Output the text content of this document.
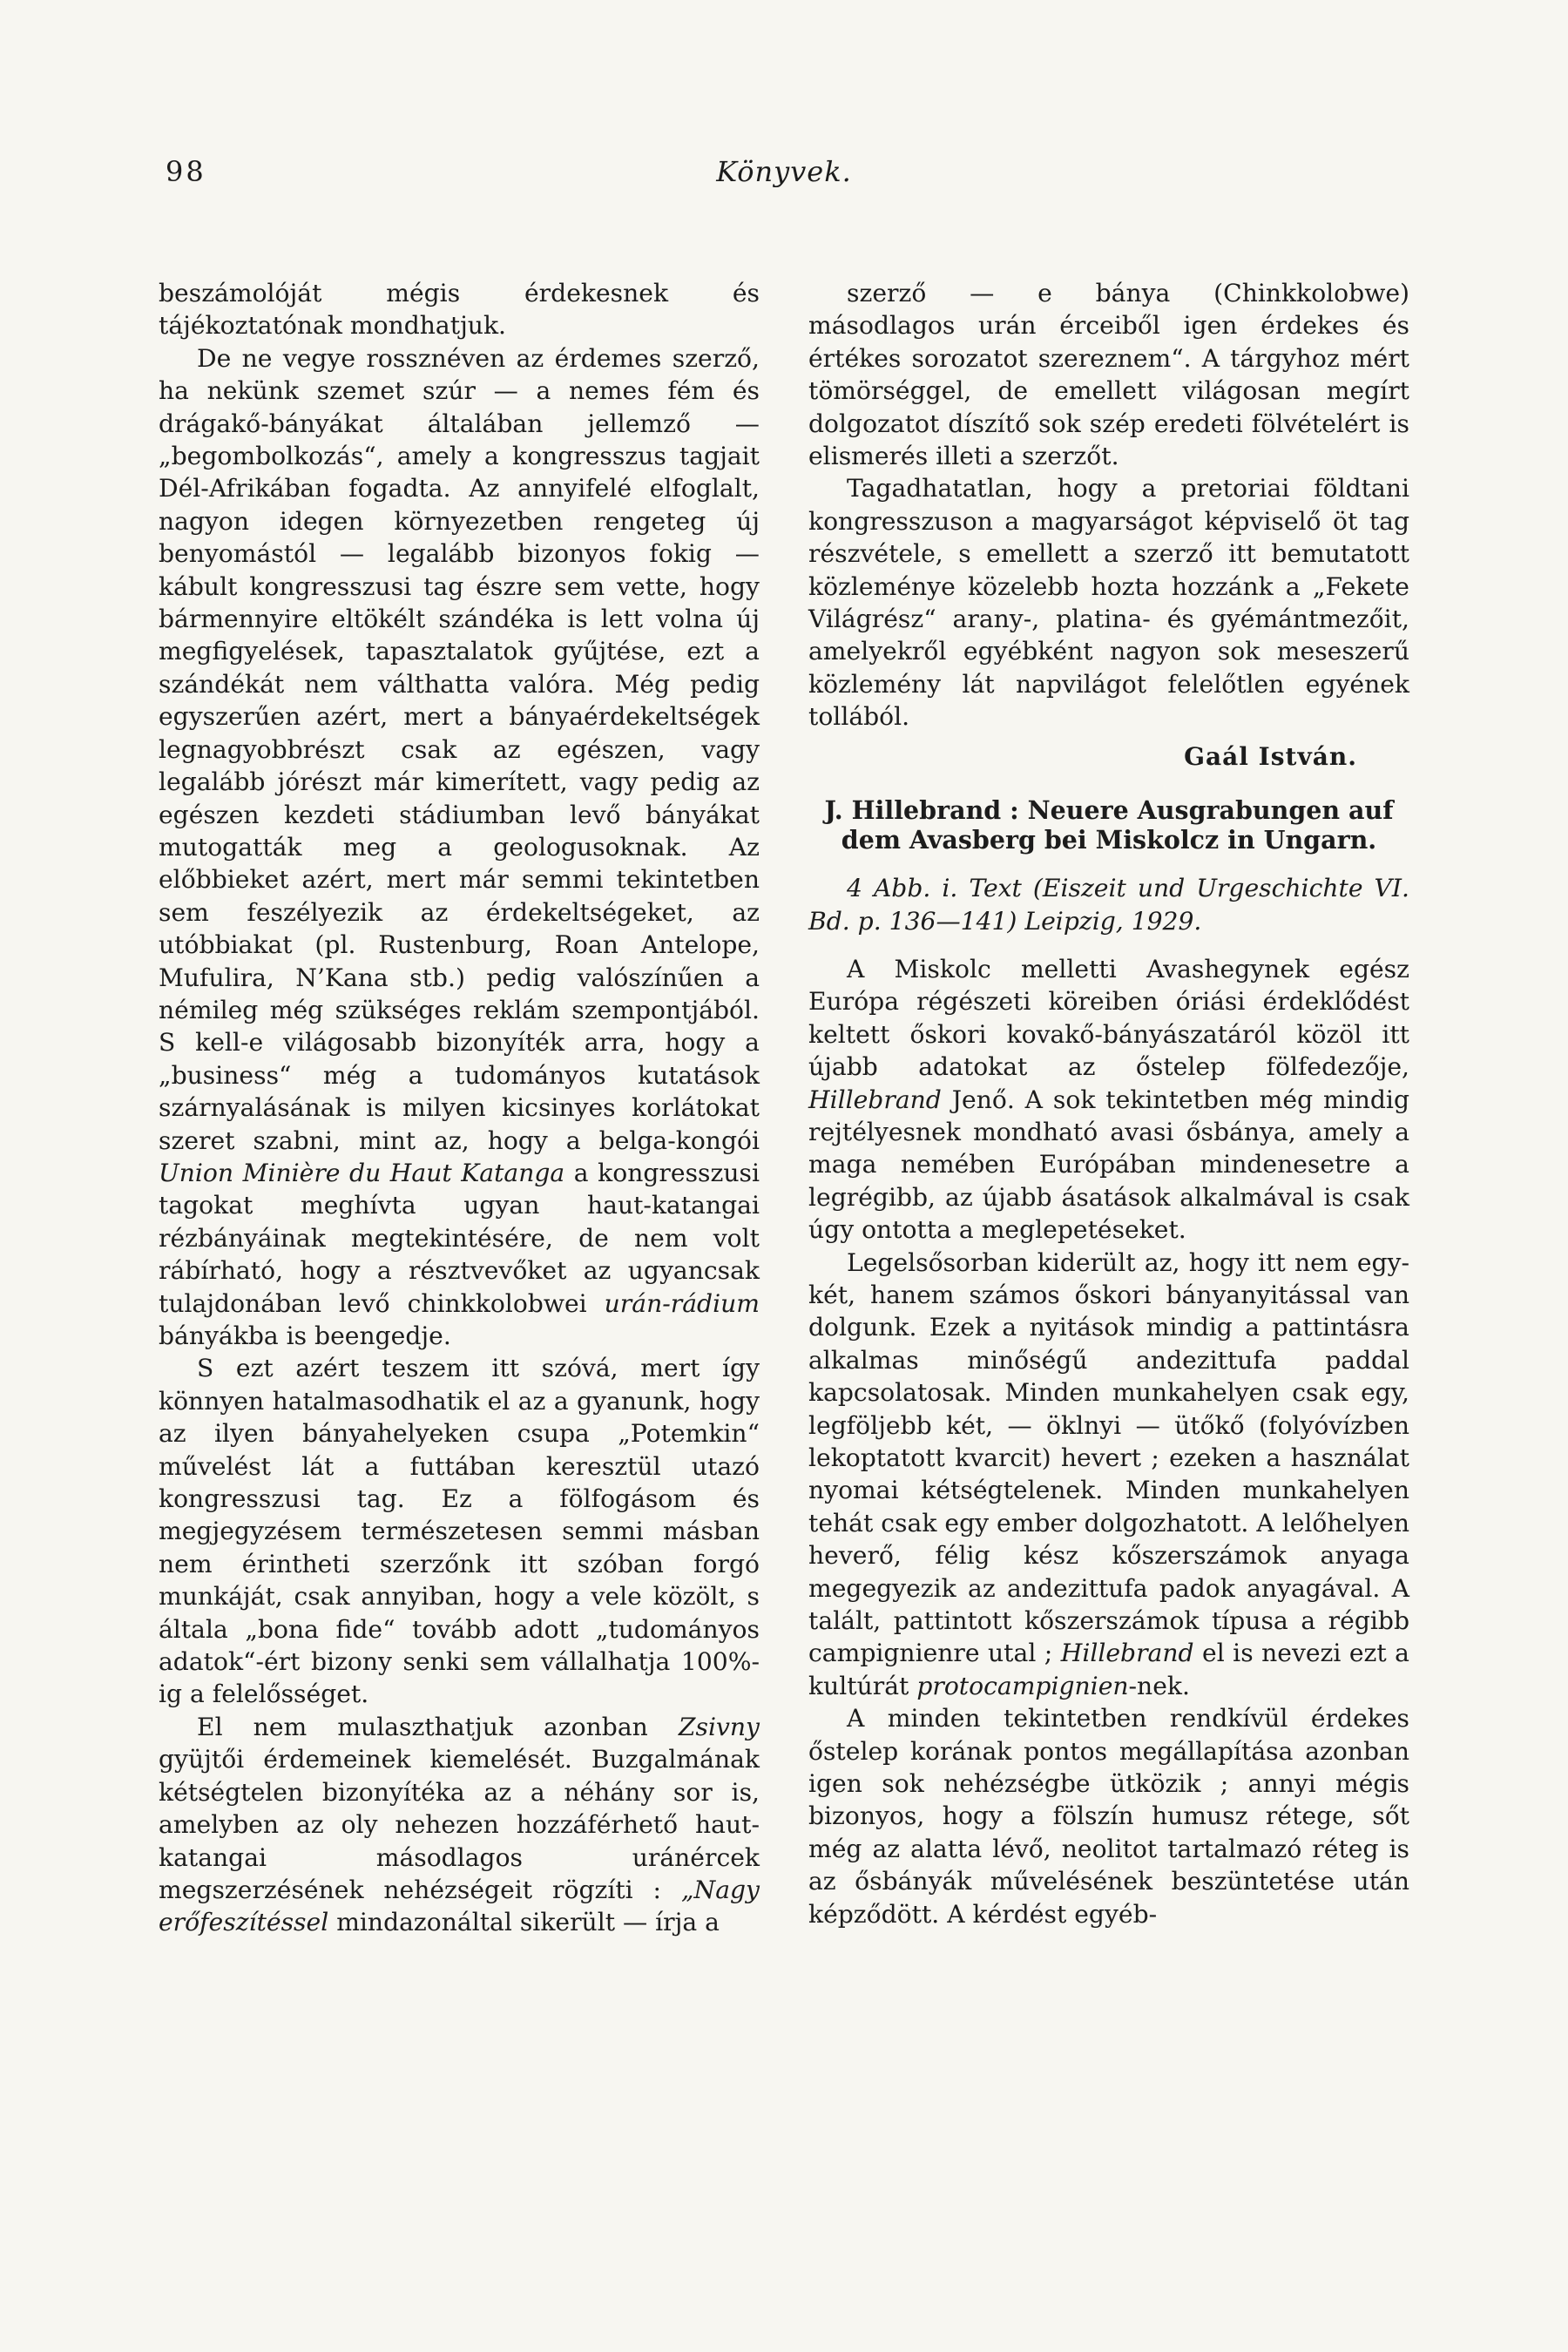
98	Könyvek.

beszámolóját mégis érdekesnek és tájékoztatónak mondhatjuk.

De ne vegye rossznéven az érdemes szerző, ha nekünk szemet szúr — a nemes fém és drágakő-bányákat általában jellemző — „begombolkozás“, amely a kongresszus tagjait Dél-Afrikában fogadta. Az annyifelé elfoglalt, nagyon idegen környezetben rengeteg új benyomástól — legalább bizonyos fokig — kábult kongresszusi tag észre sem vette, hogy bármennyire eltökélt szándéka is lett volna új megfigyelések, tapasztalatok gyűjtése, ezt a szándékát nem válthatta valóra. Még pedig egyszerűen azért, mert a bányaérdekeltségek legnagyobbrészt csak az egészen, vagy legalább jórészt már kimerített, vagy pedig az egészen kezdeti stádiumban levő bányákat mutogatták meg a geologusoknak. Az előbbieket azért, mert már semmi tekintetben sem feszélyezik az érdekeltségeket, az utóbbiakat (pl. Rustenburg, Roan Antelope, Mufulira, N’Kana stb.) pedig valószínűen a némileg még szükséges reklám szempontjából. S kell-e világosabb bizonyíték arra, hogy a „business“ még a tudományos kutatások szárnyalásának is milyen kicsinyes korlátokat szeret szabni, mint az, hogy a belga-kongói Union Minière du Haut Katanga a kongresszusi tagokat meghívta ugyan haut-katangai rézbányáinak megtekintésére, de nem volt rábírható, hogy a résztvevőket az ugyancsak tulajdonában levő chinkkolobwei urán-rádium bányákba is beengedje.

S ezt azért teszem itt szóvá, mert így könnyen hatalmasodhatik el az a gyanunk, hogy az ilyen bányahelyeken csupa „Potemkin“ művelést lát a futtában keresztül utazó kongresszusi tag. Ez a fölfogásom és megjegyzésem természetesen semmi másban nem érintheti szerzőnk itt szóban forgó munkáját, csak annyiban, hogy a vele közölt, s általa „bona fide“ tovább adott „tudományos adatok“-ért bizony senki sem vállalhatja 100%-ig a felelősséget.

El nem mulaszthatjuk azonban Zsivny gyüjtői érdemeinek kiemelését. Buzgalmának kétségtelen bizonyítéka az a néhány sor is, amelyben az oly nehezen hozzáférhető haut-katangai másodlagos uránércek megszerzésének nehézségeit rögzíti : „Nagy erőfeszítéssel mindazonáltal sikerült — írja a

szerző — e bánya (Chinkkolobwe) másodlagos urán érceiből igen érdekes és értékes sorozatot szereznem“. A tárgyhoz mért tömörséggel, de emellett világosan megírt dolgozatot díszítő sok szép eredeti fölvételért is elismerés illeti a szerzőt.

Tagadhatatlan, hogy a pretoriai földtani kongresszuson a magyarságot képviselő öt tag részvétele, s emellett a szerző itt bemutatott közleménye közelebb hozta hozzánk a „Fekete Világrész“ arany-, platina- és gyémántmezőit, amelyekről egyébként nagyon sok meseszerű közlemény lát napvilágot felelőtlen egyének tollából.

Gaál István.
J. Hillebrand : Neuere Ausgrabungen auf dem Avasberg bei Miskolcz in Ungarn.

4 Abb. i. Text (Eiszeit und Urgeschichte VI. Bd. p. 136—141) Leipzig, 1929.

A Miskolc melletti Avashegynek egész Európa régészeti köreiben óriási érdeklődést keltett őskori kovakő-bányászatáról közöl itt újabb adatokat az őstelep fölfedezője, Hillebrand Jenő. A sok tekintetben még mindig rejtélyesnek mondható avasi ősbánya, amely a maga nemében Európában mindenesetre a legrégibb, az újabb ásatások alkalmával is csak úgy ontotta a meglepetéseket.

Legelsősorban kiderült az, hogy itt nem egy-két, hanem számos őskori bányanyitással van dolgunk. Ezek a nyitások mindig a pattintásra alkalmas minőségű andezittufa paddal kapcsolatosak. Minden munkahelyen csak egy, legföljebb két, — öklnyi — ütőkő (folyóvízben lekoptatott kvarcit) hevert ; ezeken a használat nyomai kétségtelenek. Minden munkahelyen tehát csak egy ember dolgozhatott. A lelőhelyen heverő, félig kész kőszerszámok anyaga megegyezik az andezittufa padok anyagával. A talált, pattintott kőszerszámok típusa a régibb campignienre utal ; Hillebrand el is nevezi ezt a kultúrát protocampignien-nek.

A minden tekintetben rendkívül érdekes őstelep korának pontos megállapítása azonban igen sok nehézségbe ütközik ; annyi mégis bizonyos, hogy a fölszín humusz rétege, sőt még az alatta lévő, neolitot tartalmazó réteg is az ősbányák művelésének beszüntetése után képződött. A kérdést egyéb-
